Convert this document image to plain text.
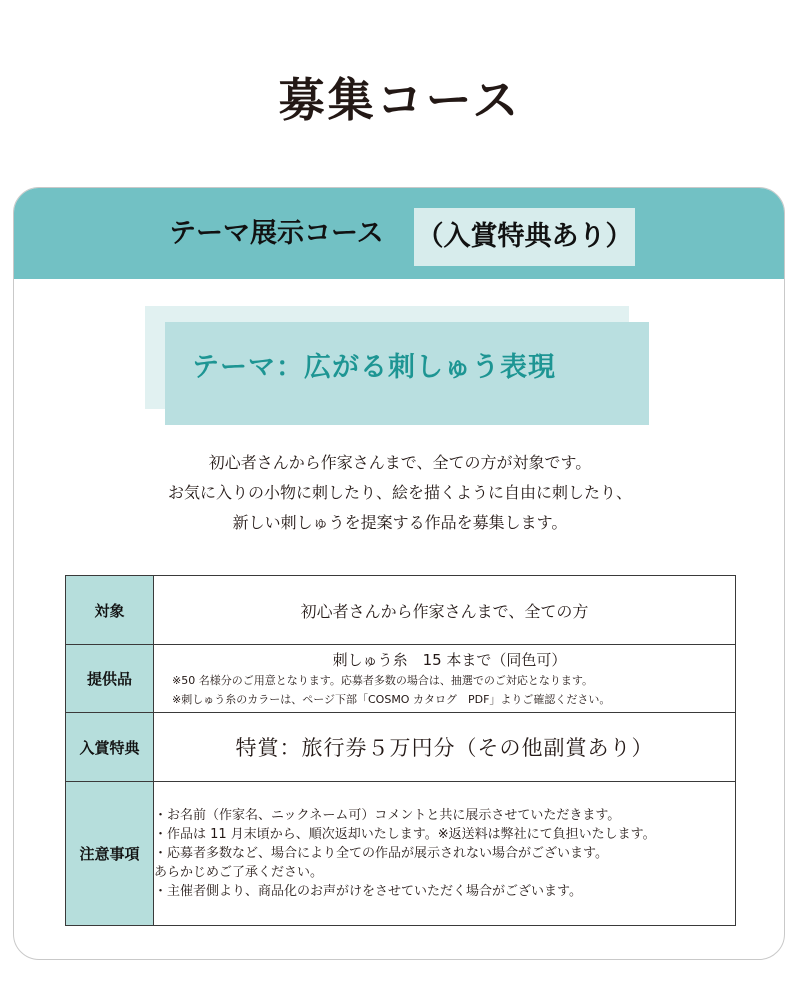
募集コース
テーマ展示コース （入賞特典あり）
テーマ：広がる刺しゅう表現
初心者さんから作家さんまで、全ての方が対象です。
お気に入りの小物に刺したり、絵を描くように自由に刺したり、
新しい刺しゅうを提案する作品を募集します。
対象	初心者さんから作家さんまで、全ての方
提供品	刺しゅう糸　15 本まで（同色可）
※50 名様分のご用意となります。応募者多数の場合は、抽選でのご対応となります。
※刺しゅう糸のカラーは、ページ下部「COSMO カタログ　PDF」よりご確認ください。

入賞特典	特賞：旅行券５万円分（その他副賞あり）
注意事項	・お名前（作家名、ニックネーム可）コメントと共に展示させていただきます。
・作品は 11 月末頃から、順次返却いたします。※返送料は弊社にて負担いたします。
・応募者多数など、場合により全ての作品が展示されない場合がございます。
あらかじめご了承ください。
・主催者側より、商品化のお声がけをさせていただく場合がございます。
